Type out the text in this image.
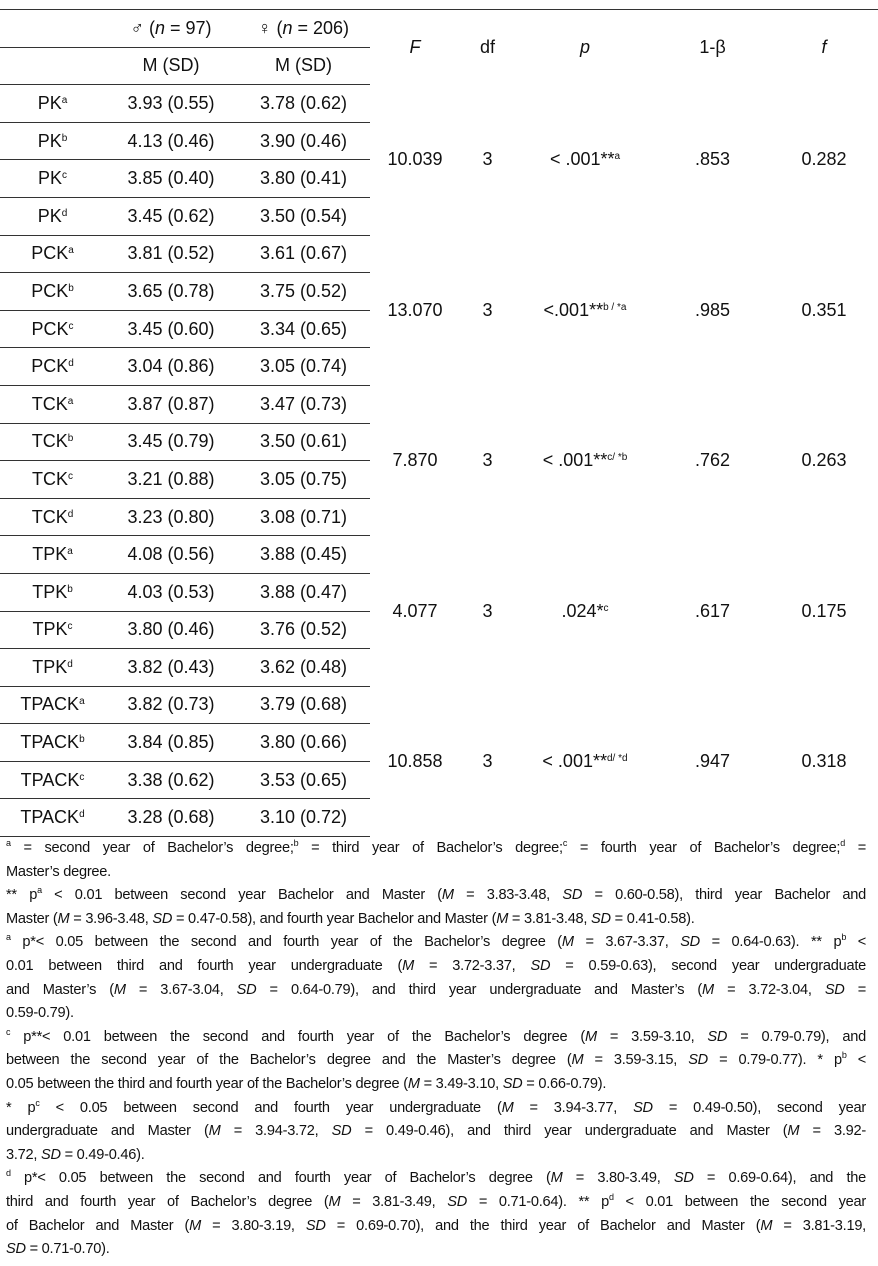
	♂ (n = 97)	♀ (n = 206)	F	df	p	1-β	f
	M (SD)	M (SD)					
$PK^a$	3.93 (0.55)	3.78 (0.62)	10.039	3	< .001**$^a$	.853	0.282
$PK^b$	4.13 (0.46)	3.90 (0.46)					
$PK^c$	3.85 (0.40)	3.80 (0.41)					
$PK^d$	3.45 (0.62)	3.50 (0.54)					
PCK$^a$	3.81 (0.52)	3.61 (0.67)	13.070	3	<.001**$^{b / *a}$	.985	0.351
PCK$^b$	3.65 (0.78)	3.75 (0.52)					
PCK$^c$	3.45 (0.60)	3.34 (0.65)					
PCK$^d$	3.04 (0.86)	3.05 (0.74)					
TCK$^a$	3.87 (0.87)	3.47 (0.73)	7.870	3	< .001**$^{c/ *b}$	.762	0.263
TCK$^b$	3.45 (0.79)	3.50 (0.61)					
TCK$^c$	3.21 (0.88)	3.05 (0.75)					
TCK$^d$	3.23 (0.80)	3.08 (0.71)					
TPK$^a$	4.08 (0.56)	3.88 (0.45)	4.077	3	.024*$^c$	.617	0.175
TPK$^b$	4.03 (0.53)	3.88 (0.47)					
TPK$^c$	3.80 (0.46)	3.76 (0.52)					
TPK$^d$	3.82 (0.43)	3.62 (0.48)					
TPACK$^a$	3.82 (0.73)	3.79 (0.68)	10.858	3	< .001**$^{d/ *d}$	.947	0.318
TPACK$^b$	3.84 (0.85)	3.80 (0.66)					
TPACK$^c$	3.38 (0.62)	3.53 (0.65)					
TPACK$^d$	3.28 (0.68)	3.10 (0.72)					
$^a$ = second year of Bachelor’s degree;$^b$ = third year of Bachelor’s degree;$^c$ = fourth year of Bachelor’s degree;$^d$ =
Master’s degree.
** $p^a < 0.01$ between second year Bachelor and Master (M = 3.83-3.48, SD = 0.60-0.58), third year Bachelor and
Master (M = 3.96-3.48, SD = 0.47-0.58), and fourth year Bachelor and Master (M = 3.81-3.48, SD = 0.41-0.58).
$^a$ p*< 0.05 between the second and fourth year of the Bachelor’s degree (M = 3.67-3.37, SD = 0.64-0.63). ** $p^b$ <
0.01 between third and fourth year undergraduate (M = 3.72-3.37, SD = 0.59-0.63), second year undergraduate
and Master’s (M = 3.67-3.04, SD = 0.64-0.79), and third year undergraduate and Master’s (M = 3.72-3.04, SD =
0.59-0.79).
$^c$ p**< 0.01 between the second and fourth year of the Bachelor’s degree (M = 3.59-3.10, SD = 0.79-0.79), and
between the second year of the Bachelor’s degree and the Master’s degree (M = 3.59-3.15, SD = 0.79-0.77). * $p^b$ <
0.05 between the third and fourth year of the Bachelor’s degree (M = 3.49-3.10, SD = 0.66-0.79).
* $p^c < 0.05$ between second and fourth year undergraduate (M = 3.94-3.77, SD = 0.49-0.50), second year
undergraduate and Master (M = 3.94-3.72, SD = 0.49-0.46), and third year undergraduate and Master (M = 3.92-
3.72, SD = 0.49-0.46).
$^d$ p*< 0.05 between the second and fourth year of Bachelor’s degree (M = 3.80-3.49, SD = 0.69-0.64), and the
third and fourth year of Bachelor’s degree (M = 3.81-3.49, SD = 0.71-0.64). ** $p^d < 0.01$ between the second year
of Bachelor and Master (M = 3.80-3.19, SD = 0.69-0.70), and the third year of Bachelor and Master (M = 3.81-3.19,
SD = 0.71-0.70).
